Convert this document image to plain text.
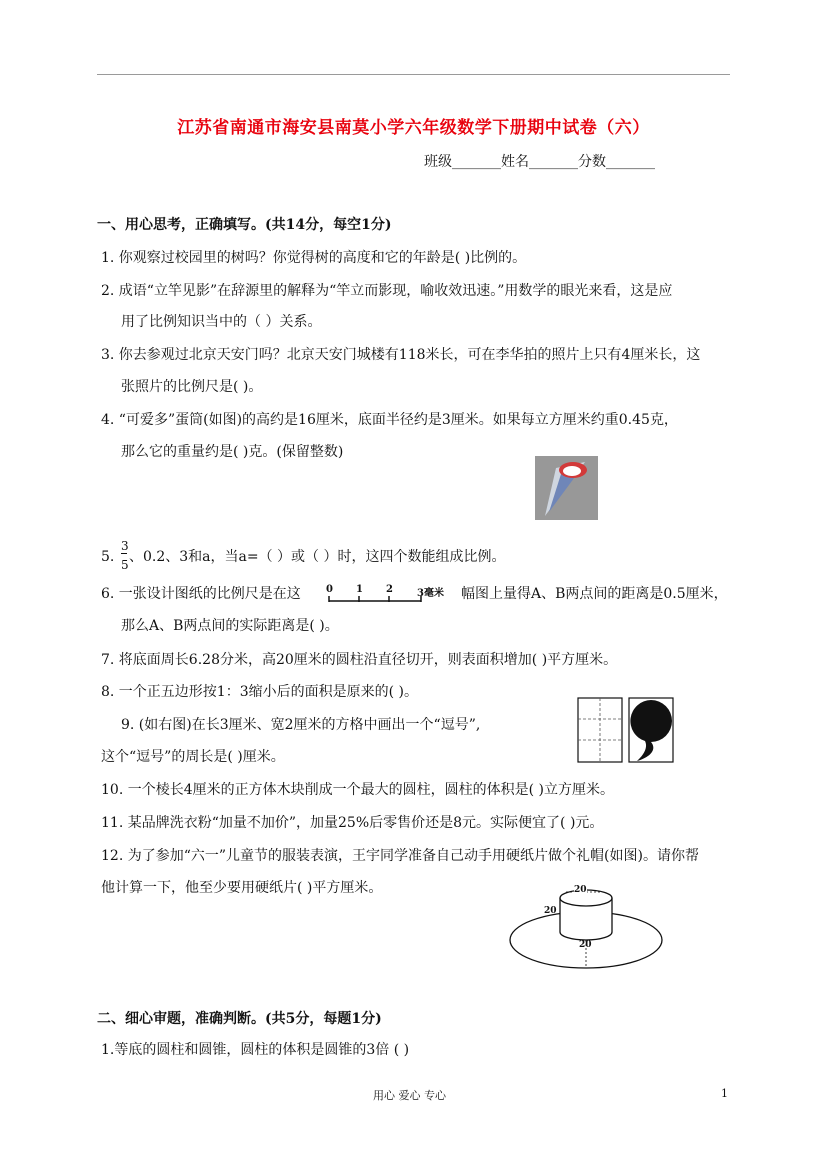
江苏省南通市海安县南莫小学六年级数学下册期中试卷（六）
班级_______姓名_______分数_______
一、用心思考，正确填写。(共14分，每空1分)
1. 你观察过校园里的树吗？你觉得树的高度和它的年龄是( )比例的。
2. 成语“立竿见影”在辞源里的解释为“竿立而影现，喻收效迅速。”用数学的眼光来看，这是应
用了比例知识当中的（ ）关系。
3. 你去参观过北京天安门吗？北京天安门城楼有118米长，可在李华拍的照片上只有4厘米长，这
张照片的比例尺是( )。
4. “可爱多”蛋筒(如图)的高约是16厘米，底面半径约是3厘米。如果每立方厘米约重0.45克，
那么它的重量约是( )克。(保留整数)
5.
3
5 、0.2、3和a，当a=（ ）或（ ）时，这四个数能组成比例。
6. 一张设计图纸的比例尺是在这	0 1 2 3毫米 幅图上量得A、B两点间的距离是0.5厘米，
那么A、B两点间的实际距离是( )。
7. 将底面周长6.28分米，高20厘米的圆柱沿直径切开，则表面积增加( )平方厘米。
8. 一个正五边形按1：3缩小后的面积是原来的( )。
9. (如右图)在长3厘米、宽2厘米的方格中画出一个“逗号”,
这个“逗号”的周长是( )厘米。
10. 一个棱长4厘米的正方体木块削成一个最大的圆柱，圆柱的体积是( )立方厘米。
11. 某品牌洗衣粉“加量不加价”，加量25%后零售价还是8元。实际便宜了( )元。
12. 为了参加“六一”儿童节的服装表演，王宇同学准备自己动手用硬纸片做个礼帽(如图)。请你帮
他计算一下，他至少要用硬纸片( )平方厘米。	20
20
20
二、细心审题，准确判断。(共5分，每题1分)
1.等底的圆柱和圆锥，圆柱的体积是圆锥的3倍 ( )
用心 爱心 专心	1
